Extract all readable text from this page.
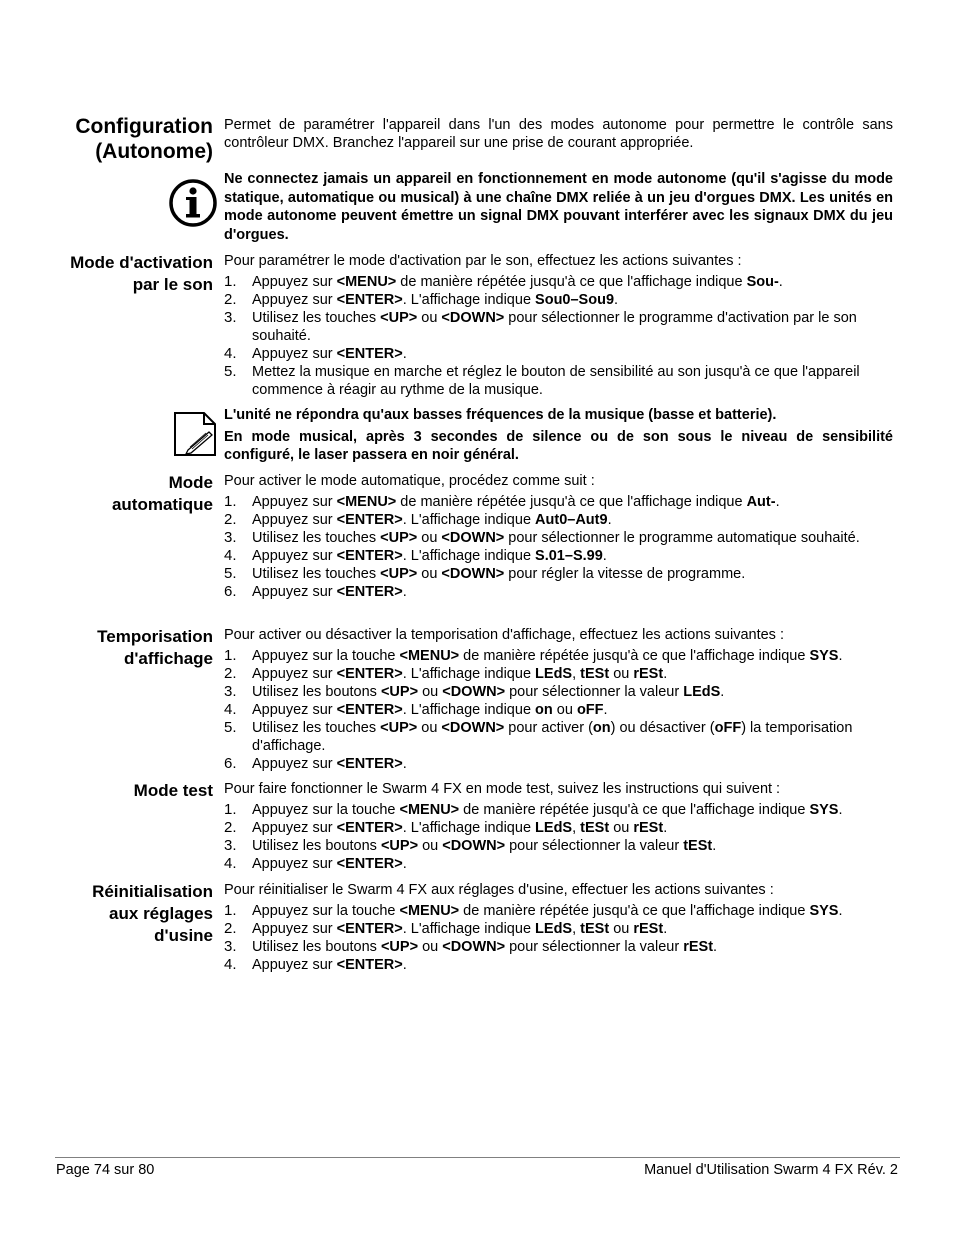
Configuration
(Autonome)

Permet de paramétrer l'appareil dans l'un des modes autonome pour permettre le contrôle sans contrôleur DMX. Branchez l'appareil sur une prise de courant appropriée.

Ne connectez jamais un appareil en fonctionnement en mode autonome (qu'il s'agisse du mode statique, automatique ou musical) à une chaîne DMX reliée à un jeu d'orgues DMX. Les unités en mode autonome peuvent émettre un signal DMX pouvant interférer avec les signaux DMX du jeu d'orgues.
Mode d'activation
par le son

Pour paramétrer le mode d'activation par le son, effectuez les actions suivantes :

1. Appuyez sur <MENU> de manière répétée jusqu'à ce que l'affichage indique Sou-.
2. Appuyez sur <ENTER>. L'affichage indique Sou0–Sou9.
3. Utilisez les touches <UP> ou <DOWN> pour sélectionner le programme d'activation par le son souhaité.
4. Appuyez sur <ENTER>.
5. Mettez la musique en marche et réglez le bouton de sensibilité au son jusqu'à ce que l'appareil commence à réagir au rythme de la musique.
L'unité ne répondra qu'aux basses fréquences de la musique (basse et batterie).
En mode musical, après 3 secondes de silence ou de son sous le niveau de sensibilité configuré, le laser passera en noir général.
Mode
automatique

Pour activer le mode automatique, procédez comme suit :

1. Appuyez sur <MENU> de manière répétée jusqu'à ce que l'affichage indique Aut-.
2. Appuyez sur <ENTER>. L'affichage indique Aut0–Aut9.
3. Utilisez les touches <UP> ou <DOWN> pour sélectionner le programme automatique souhaité.
4. Appuyez sur <ENTER>. L'affichage indique S.01–S.99.
5. Utilisez les touches <UP> ou <DOWN> pour régler la vitesse de programme.
6. Appuyez sur <ENTER>.
Temporisation
d'affichage

Pour activer ou désactiver la temporisation d'affichage, effectuez les actions suivantes :

1. Appuyez sur la touche <MENU> de manière répétée jusqu'à ce que l'affichage indique SYS.
2. Appuyez sur <ENTER>. L'affichage indique LEdS, tESt ou rESt.
3. Utilisez les boutons <UP> ou <DOWN> pour sélectionner la valeur LEdS.
4. Appuyez sur <ENTER>. L'affichage indique on ou oFF.
5. Utilisez les touches <UP> ou <DOWN> pour activer (on) ou désactiver (oFF) la temporisation d'affichage.
6. Appuyez sur <ENTER>.
Mode test Pour faire fonctionner le Swarm 4 FX en mode test, suivez les instructions qui suivent :

1. Appuyez sur la touche <MENU> de manière répétée jusqu'à ce que l'affichage indique SYS.
2. Appuyez sur <ENTER>. L'affichage indique LEdS, tESt ou rESt.
3. Utilisez les boutons <UP> ou <DOWN> pour sélectionner la valeur tESt.
4. Appuyez sur <ENTER>.
Réinitialisation
aux réglages
d'usine

Pour réinitialiser le Swarm 4 FX aux réglages d'usine, effectuer les actions suivantes :

1. Appuyez sur la touche <MENU> de manière répétée jusqu'à ce que l'affichage indique SYS.
2. Appuyez sur <ENTER>. L'affichage indique LEdS, tESt ou rESt.
3. Utilisez les boutons <UP> ou <DOWN> pour sélectionner la valeur rESt.
4. Appuyez sur <ENTER>.
Page 74 sur 80	Manuel d'Utilisation Swarm 4 FX Rév. 2
